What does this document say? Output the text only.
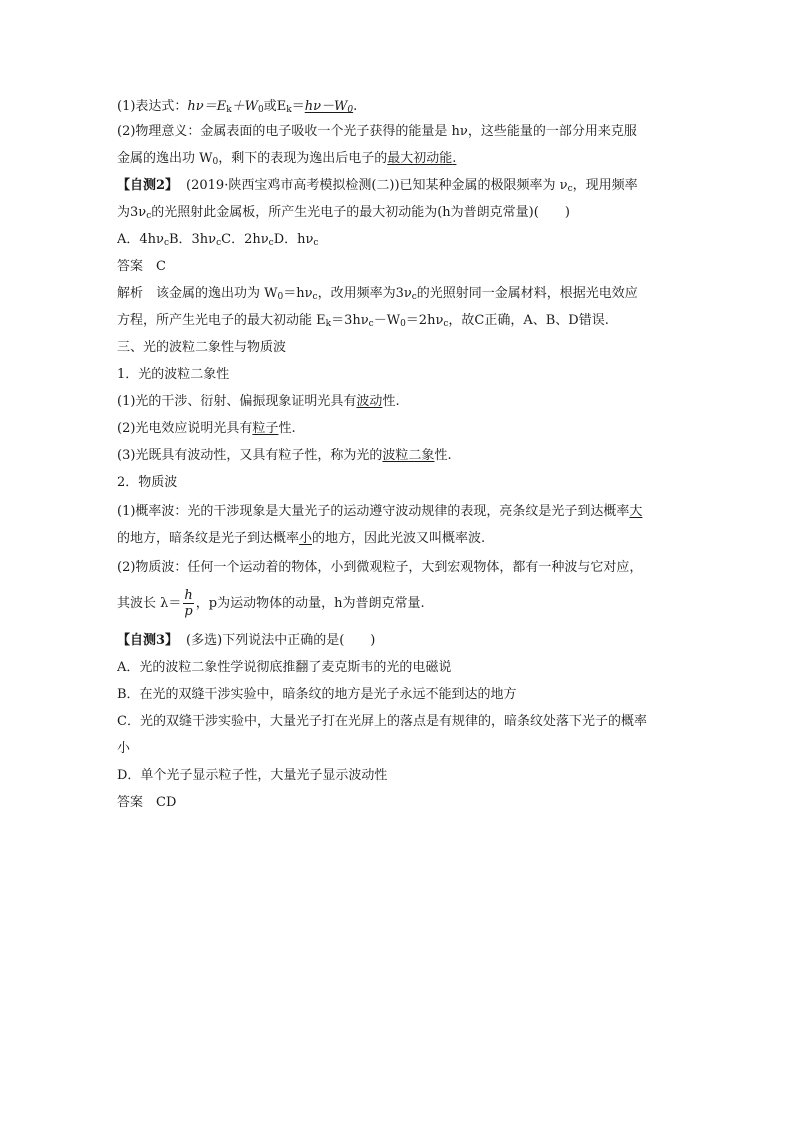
(1)表达式：$h\nu=E_k+W_0$或$E_k=h\nu-W_0$.
(2)物理意义：金属表面的电子吸收一个光子获得的能量是 hν，这些能量的一部分用来克服
金属的逸出功 $W_0$，剩下的表现为逸出后电子的最大初动能.
【自测2】 (2019·陕西宝鸡市高考模拟检测(二))已知某种金属的极限频率为 $\nu_c$，现用频率
为$3\nu_c$的光照射此金属板，所产生光电子的最大初动能为(h为普朗克常量)(　　)
A．$4h\nu_cB$．$3h\nu_cC$．$2h\nu_cD$．$h\nu_c$
答案　C
解析　该金属的逸出功为 $W_0=h\nu_c$，改用频率为$3\nu_c$的光照射同一金属材料，根据光电效应
方程，所产生光电子的最大初动能 $E_k=3h\nu_c-W_0=2h\nu_c$，故C正确，A、B、D错误.
三、光的波粒二象性与物质波
1．光的波粒二象性
(1)光的干涉、衍射、偏振现象证明光具有波动性.
(2)光电效应说明光具有粒子性.
(3)光既具有波动性，又具有粒子性，称为光的波粒二象性.
2．物质波
(1)概率波：光的干涉现象是大量光子的运动遵守波动规律的表现，亮条纹是光子到达概率大
的地方，暗条纹是光子到达概率小的地方，因此光波又叫概率波.
(2)物质波：任何一个运动着的物体，小到微观粒子，大到宏观物体，都有一种波与它对应，
其波长 $\lambda= \frac{h}{p}$ ，p为运动物体的动量，h为普朗克常量.
【自测3】 (多选)下列说法中正确的是(　　)
A．光的波粒二象性学说彻底推翻了麦克斯韦的光的电磁说
B．在光的双缝干涉实验中，暗条纹的地方是光子永远不能到达的地方
C．光的双缝干涉实验中，大量光子打在光屏上的落点是有规律的，暗条纹处落下光子的概率
小
D．单个光子显示粒子性，大量光子显示波动性
答案　CD
